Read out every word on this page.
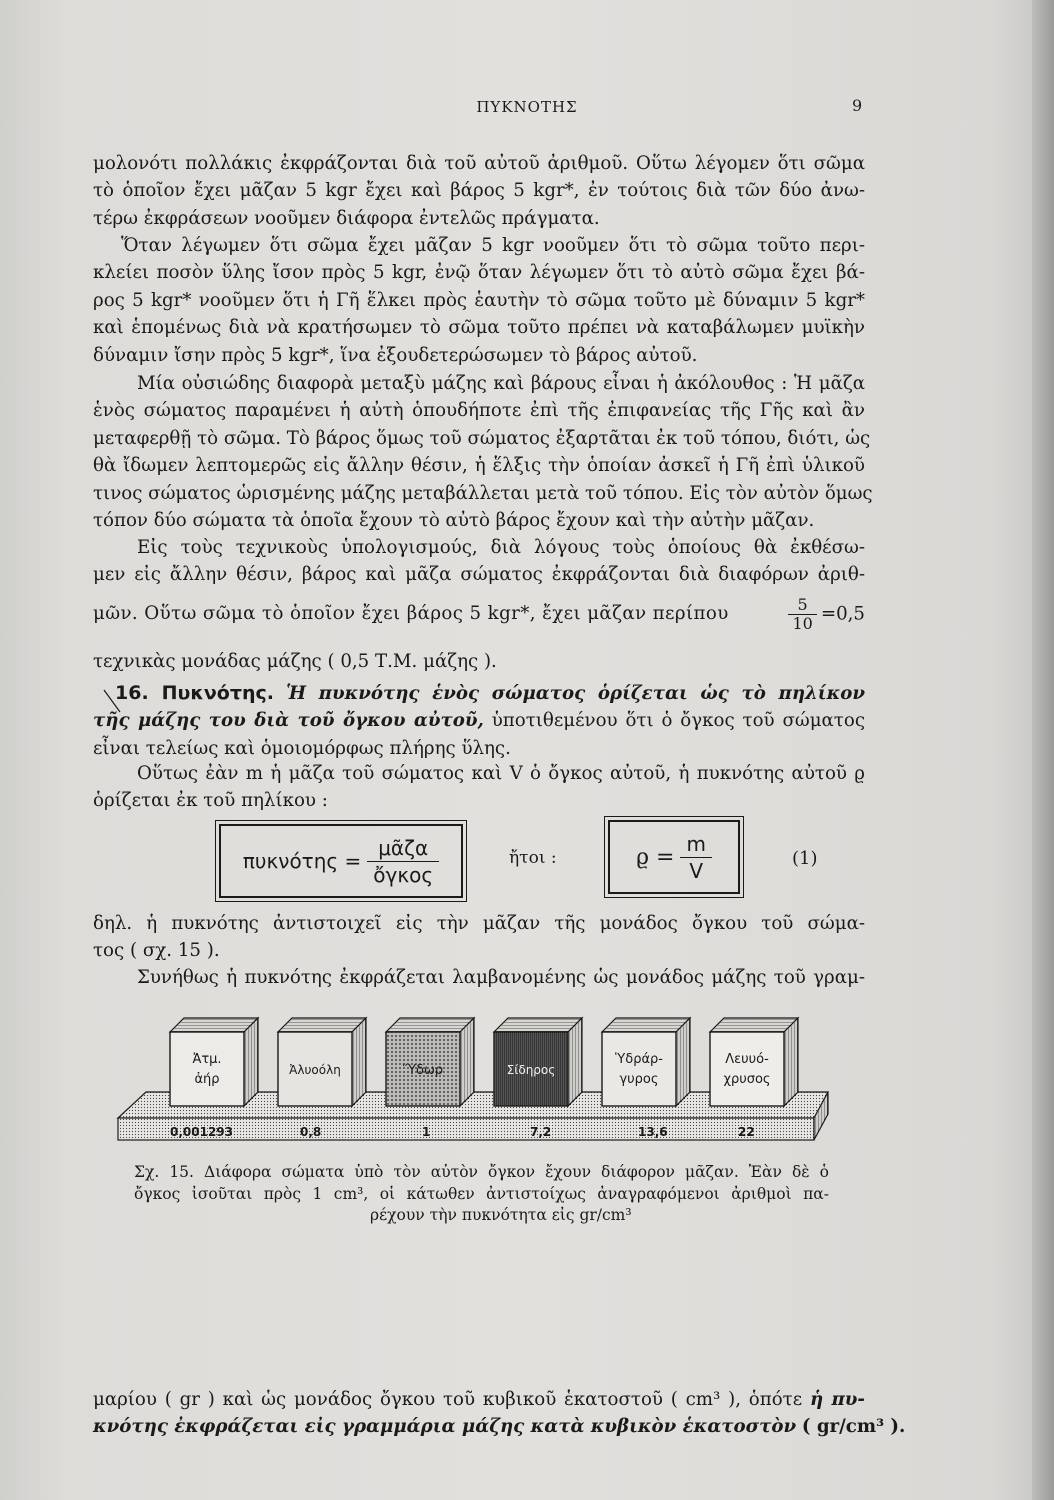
ΠΥΚΝΟΤΗΣ	9
μολονότι πολλάκις ἐκφράζονται διὰ τοῦ αὐτοῦ ἀριθμοῦ. Οὕτω λέγομεν ὅτι σῶμα
τὸ ὁποῖον ἔχει μᾶζαν 5 kgr ἔχει καὶ βάρος 5 kgr*, ἐν τούτοις διὰ τῶν δύο ἀνω-
τέρω ἐκφράσεων νοοῦμεν διάφορα ἐντελῶς πράγματα.
Ὅταν λέγωμεν ὅτι σῶμα ἔχει μᾶζαν 5 kgr νοοῦμεν ὅτι τὸ σῶμα τοῦτο περι-
κλείει ποσὸν ὕλης ἴσον πρὸς 5 kgr, ἐνῷ ὅταν λέγωμεν ὅτι τὸ αὐτὸ σῶμα ἔχει βά-
ρος 5 kgr* νοοῦμεν ὅτι ἡ Γῆ ἕλκει πρὸς ἑαυτὴν τὸ σῶμα τοῦτο μὲ δύναμιν 5 kgr*
καὶ ἑπομένως διὰ νὰ κρατήσωμεν τὸ σῶμα τοῦτο πρέπει νὰ καταβάλωμεν μυϊκὴν
δύναμιν ἴσην πρὸς 5 kgr*, ἵνα ἐξουδετερώσωμεν τὸ βάρος αὐτοῦ.
Μία οὐσιώδης διαφορὰ μεταξὺ μάζης καὶ βάρους εἶναι ἡ ἀκόλουθος : Ἡ μᾶζα
ἑνὸς σώματος παραμένει ἡ αὐτὴ ὁπουδήποτε ἐπὶ τῆς ἐπιφανείας τῆς Γῆς καὶ ἂν
μεταφερθῇ τὸ σῶμα. Τὸ βάρος ὅμως τοῦ σώματος ἐξαρτᾶται ἐκ τοῦ τόπου, διότι, ὡς
θὰ ἴδωμεν λεπτομερῶς εἰς ἄλλην θέσιν, ἡ ἕλξις τὴν ὁποίαν ἀσκεῖ ἡ Γῆ ἐπὶ ὑλικοῦ
τινος σώματος ὡρισμένης μάζης μεταβάλλεται μετὰ τοῦ τόπου. Εἰς τὸν αὐτὸν ὅμως
τόπον δύο σώματα τὰ ὁποῖα ἔχουν τὸ αὐτὸ βάρος ἔχουν καὶ τὴν αὐτὴν μᾶζαν.
Εἰς τοὺς τεχνικοὺς ὑπολογισμούς, διὰ λόγους τοὺς ὁποίους θὰ ἐκθέσω-
μεν εἰς ἄλλην θέσιν, βάρος καὶ μᾶζα σώματος ἐκφράζονται διὰ διαφόρων ἀριθ-
μῶν. Οὕτω σῶμα τὸ ὁποῖον ἔχει βάρος 5 kgr*, ἔχει μᾶζαν περίπου	$\frac{5}{10} =0,5$
τεχνικὰς μονάδας μάζης ( 0,5 Τ.Μ. μάζης ).
16. Πυκνότης. Ἡ πυκνότης ἑνὸς σώματος ὁρίζεται ὡς τὸ πηλίκον
τῆς μάζης του διὰ τοῦ ὄγκου αὐτοῦ, ὑποτιθεμένου ὅτι ὁ ὄγκος τοῦ σώματος
εἶναι τελείως καὶ ὁμοιομόρφως πλήρης ὕλης.
Οὕτως ἐὰν m ἡ μᾶζα τοῦ σώματος καὶ V ὁ ὄγκος αὐτοῦ, ἡ πυκνότης αὐτοῦ ϱ
ὁρίζεται ἐκ τοῦ πηλίκου :
πυκνότης =
μᾶζα
ὄγκος
ἤτοι :	$ϱ = \frac{m}{V}$	(1)
δηλ. ἡ πυκνότης ἀντιστοιχεῖ εἰς τὴν μᾶζαν τῆς μονάδος ὄγκου τοῦ σώμα-
τος ( σχ. 15 ).
Συνήθως ἡ πυκνότης ἐκφράζεται λαμβανομένης ὡς μονάδος μάζης τοῦ γραμ-
Ἀτμ.
ἀήρ
Ἀλυοόλη	Ὕδωρ	Σίδηρος
Ὑδράρ-
γυρος
Λευυό-
χρυσος
0,001293	0,8	1	7,2	13,6	22
Σχ. 15. Διάφορα σώματα ὑπὸ τὸν αὐτὸν ὄγκον ἔχουν διάφορον μᾶζαν. Ἐὰν δὲ ὁ
ὄγκος ἰσοῦται πρὸς 1 cm³, οἱ κάτωθεν ἀντιστοίχως ἀναγραφόμενοι ἀριθμοὶ πα-
ρέχουν τὴν πυκνότητα εἰς gr/cm³
μαρίου ( gr ) καὶ ὡς μονάδος ὄγκου τοῦ κυβικοῦ ἑκατοστοῦ ( cm³ ), ὁπότε ἡ πυ-
κνότης ἐκφράζεται εἰς γραμμάρια μάζης κατὰ κυβικὸν ἑκατοστὸν ( gr/cm³ ).
